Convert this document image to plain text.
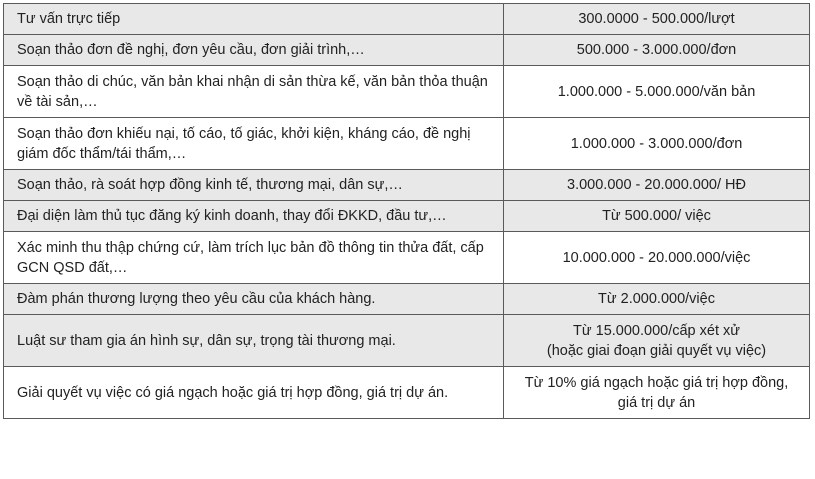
Tư vấn trực tiếp	300.0000 - 500.000/lượt
Soạn thảo đơn đề nghị, đơn yêu cầu, đơn giải trình,…	500.000 - 3.000.000/đơn
Soạn thảo di chúc, văn bản khai nhận di sản thừa kế, văn bản thỏa thuận về tài sản,…	1.000.000 - 5.000.000/văn bản
Soạn thảo đơn khiếu nại, tố cáo, tố giác, khởi kiện, kháng cáo, đề nghị giám đốc thẩm/tái thẩm,…	1.000.000 - 3.000.000/đơn
Soạn thảo, rà soát hợp đồng kinh tế, thương mại, dân sự,…	3.000.000 - 20.000.000/ HĐ
Đại diện làm thủ tục đăng ký kinh doanh, thay đổi ĐKKD, đầu tư,…	Từ 500.000/ việc
Xác minh thu thập chứng cứ, làm trích lục bản đồ thông tin thửa đất, cấp GCN QSD đất,…	10.000.000 - 20.000.000/việc
Đàm phán thương lượng theo yêu cầu của khách hàng.	Từ 2.000.000/việc
Luật sư tham gia án hình sự, dân sự, trọng tài thương mại.	Từ 15.000.000/cấp xét xử
(hoặc giai đoạn giải quyết vụ việc)

Giải quyết vụ việc có giá ngạch hoặc giá trị hợp đồng, giá trị dự án.	Từ 10% giá ngạch hoặc giá trị hợp đồng,
giá trị dự án
